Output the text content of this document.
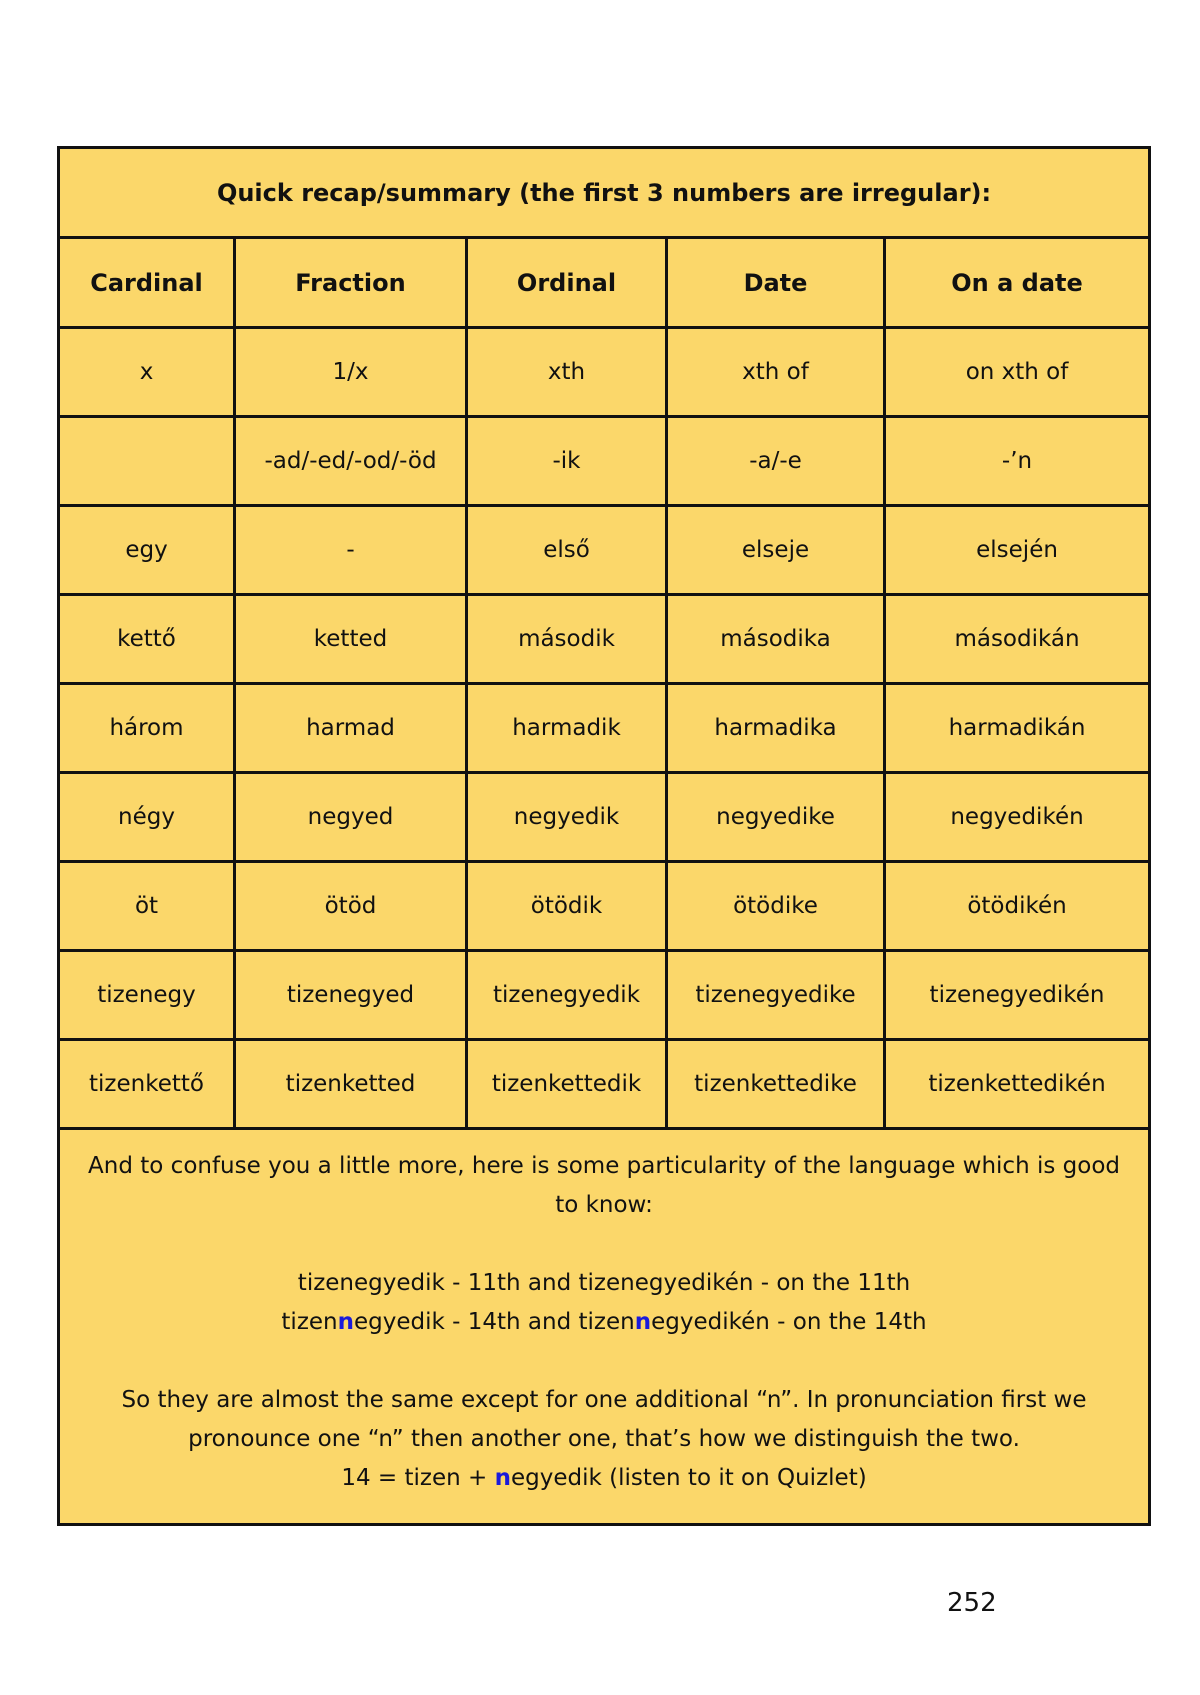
Quick recap/summary (the first 3 numbers are irregular):				
Cardinal	Fraction	Ordinal	Date	On a date
x	1/x	xth	xth of	on xth of
	-ad/-ed/-od/-öd	-ik	-a/-e	-’n
egy	-	első	elseje	elsején
kettő	ketted	második	másodika	másodikán
három	harmad	harmadik	harmadika	harmadikán
négy	negyed	negyedik	negyedike	negyedikén
öt	ötöd	ötödik	ötödike	ötödikén
tizenegy	tizenegyed	tizenegyedik	tizenegyedike	tizenegyedikén
tizenkettő	tizenketted	tizenkettedik	tizenkettedike	tizenkettedikén

And to confuse you a little more, here is some particularity of the language which is good to know:

tizenegyedik - 11th and tizenegyedikén - on the 11th

tizennegyedik - 14th and tizennegyedikén - on the 14th

So they are almost the same except for one additional “n”. In pronunciation first we pronounce one “n” then another one, that’s how we distinguish the two.

14 = tizen + negyedik (listen to it on Quizlet)				

252
